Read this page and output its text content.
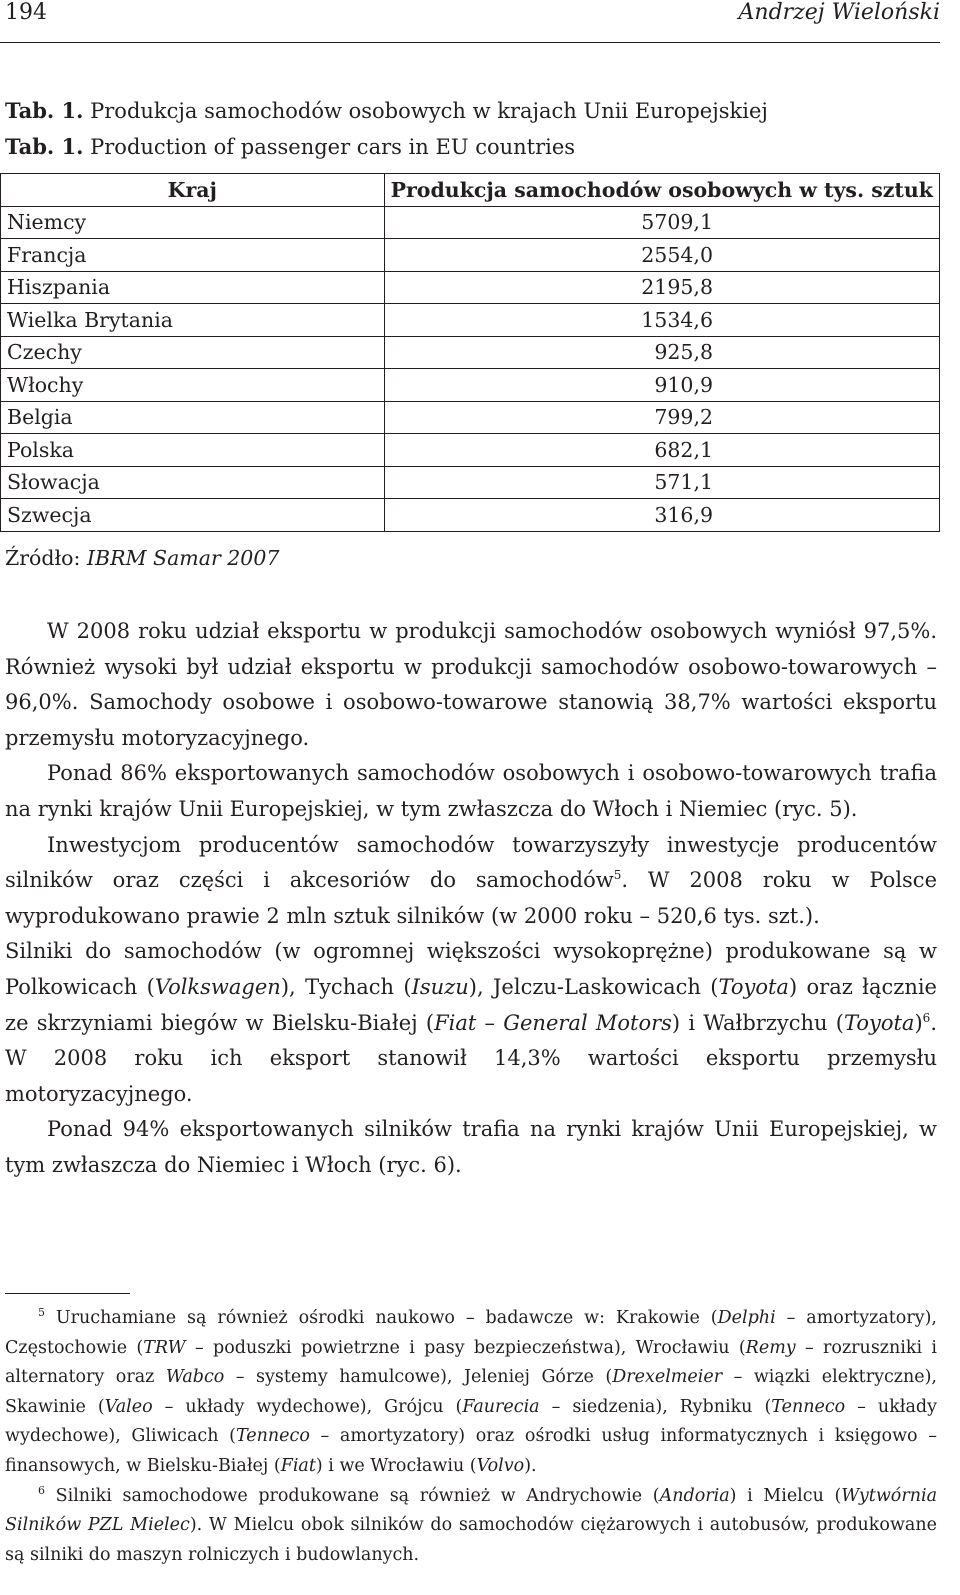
194	Andrzej Wieloński
Tab. 1. Produkcja samochodów osobowych w krajach Unii Europejskiej
Tab. 1. Production of passenger cars in EU countries
Kraj	Produkcja samochodów osobowych w tys. sztuk
Niemcy	5709,1
Francja	2554,0
Hiszpania	2195,8
Wielka Brytania	1534,6
Czechy	925,8
Włochy	910,9
Belgia	799,2
Polska	682,1
Słowacja	571,1
Szwecja	316,9
Źródło: IBRM Samar 2007

W 2008 roku udział eksportu w produkcji samochodów osobowych wyniósł 97,5%. Również wysoki był udział eksportu w produkcji samochodów osobowo-towarowych – 96,0%. Samochody osobowe i osobowo-towarowe stanowią 38,7% wartości eksportu przemysłu motoryzacyjnego.

Ponad 86% eksportowanych samochodów osobowych i osobowo-towarowych trafia na rynki krajów Unii Europejskiej, w tym zwłaszcza do Włoch i Niemiec (ryc. 5).

Inwestycjom producentów samochodów towarzyszyły inwestycje producentów silników oraz części i akcesoriów do samochodów$^5$. W 2008 roku w Polsce wyprodukowano prawie 2 mln sztuk silników (w 2000 roku – 520,6 tys. szt.).

Silniki do samochodów (w ogromnej większości wysokoprężne) produkowane są w Polkowicach (Volkswagen), Tychach (Isuzu), Jelczu-Laskowicach (Toyota) oraz łącznie ze skrzyniami biegów w Bielsku-Białej (Fiat – General Motors) i Wałbrzychu (Toyota)$^6$. W 2008 roku ich eksport stanowił 14,3% wartości eksportu przemysłu motoryzacyjnego.

Ponad 94% eksportowanych silników trafia na rynki krajów Unii Europejskiej, w tym zwłaszcza do Niemiec i Włoch (ryc. 6).

$^5$ Uruchamiane są również ośrodki naukowo – badawcze w: Krakowie (Delphi – amortyzatory), Częstochowie (TRW – poduszki powietrzne i pasy bezpieczeństwa), Wrocławiu (Remy – rozruszniki i alternatory oraz Wabco – systemy hamulcowe), Jeleniej Górze (Drexelmeier – wiązki elektryczne), Skawinie (Valeo – układy wydechowe), Grójcu (Faurecia – siedzenia), Rybniku (Tenneco – układy wydechowe), Gliwicach (Tenneco – amortyzatory) oraz ośrodki usług informatycznych i księgowo – finansowych, w Bielsku-Białej (Fiat) i we Wrocławiu (Volvo).

$^6$ Silniki samochodowe produkowane są również w Andrychowie (Andoria) i Mielcu (Wytwórnia Silników PZL Mielec). W Mielcu obok silników do samochodów ciężarowych i autobusów, produkowane są silniki do maszyn rolniczych i budowlanych.
